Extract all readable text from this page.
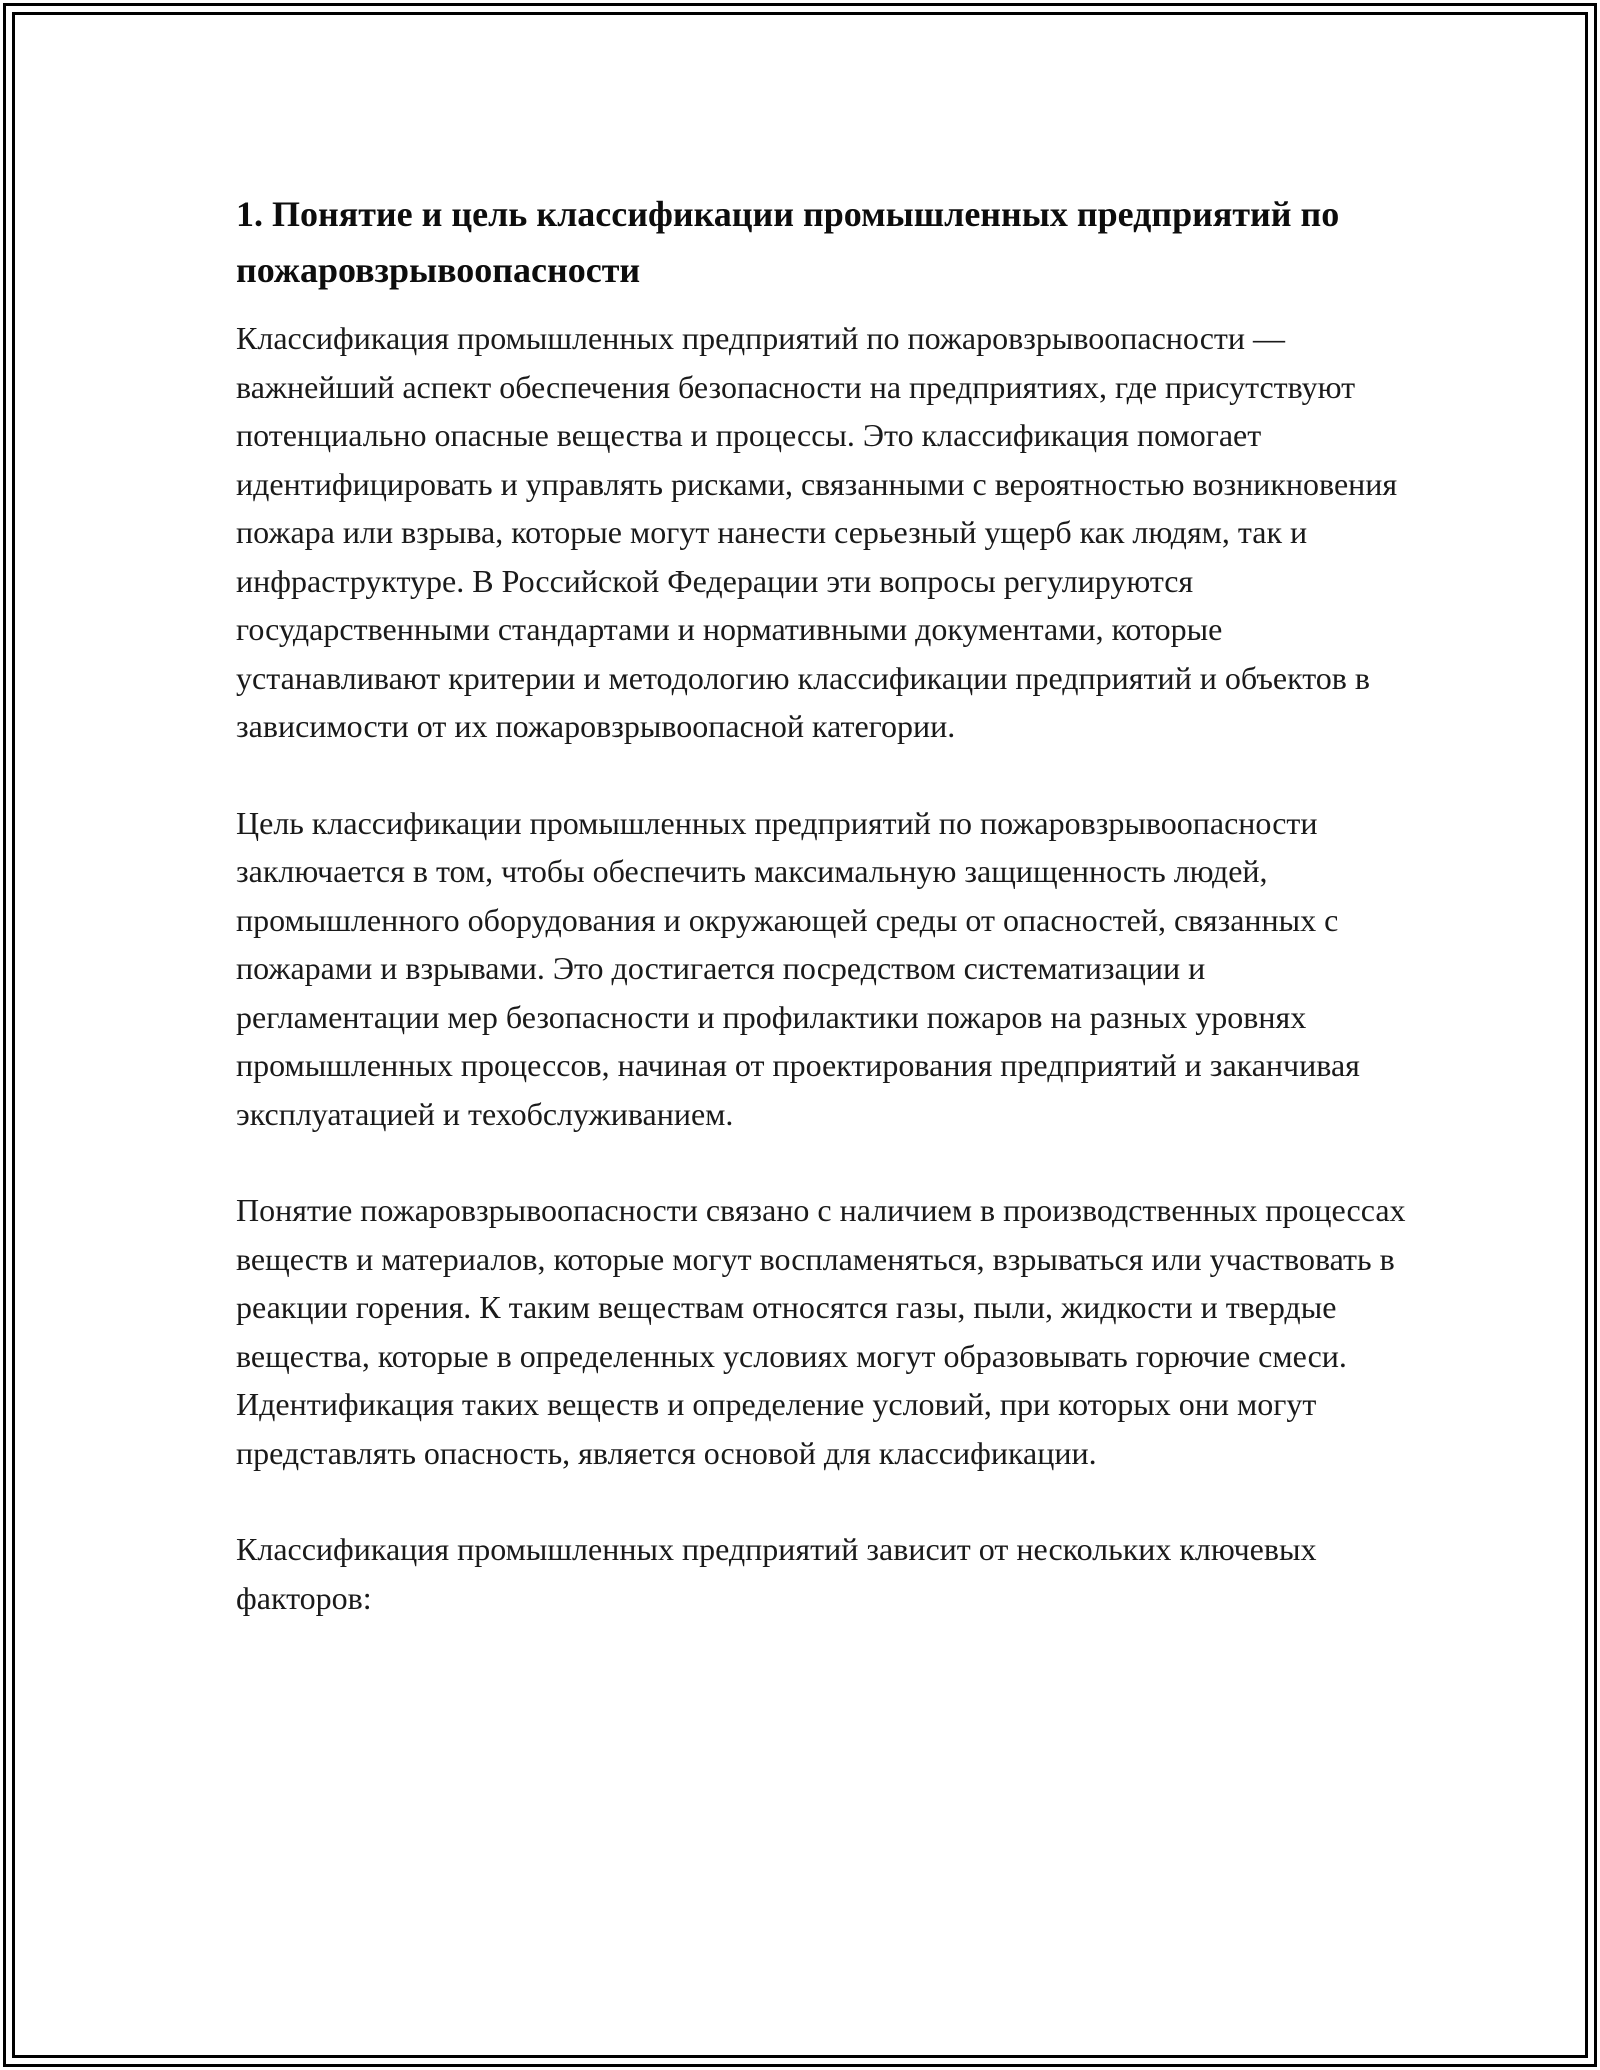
1. Понятие и цель классификации промышленных предприятий по пожаровзрывоопасности

Классификация промышленных предприятий по пожаровзрывоопасности — важнейший аспект обеспечения безопасности на предприятиях, где присутствуют потенциально опасные вещества и процессы. Это классификация помогает идентифицировать и управлять рисками, связанными с вероятностью возникновения пожара или взрыва, которые могут нанести серьезный ущерб как людям, так и инфраструктуре. В Российской Федерации эти вопросы регулируются государственными стандартами и нормативными документами, которые устанавливают критерии и методологию классификации предприятий и объектов в зависимости от их пожаровзрывоопасной категории.

Цель классификации промышленных предприятий по пожаровзрывоопасности заключается в том, чтобы обеспечить максимальную защищенность людей, промышленного оборудования и окружающей среды от опасностей, связанных с пожарами и взрывами. Это достигается посредством систематизации и регламентации мер безопасности и профилактики пожаров на разных уровнях промышленных процессов, начиная от проектирования предприятий и заканчивая эксплуатацией и техобслуживанием.

Понятие пожаровзрывоопасности связано с наличием в производственных процессах веществ и материалов, которые могут воспламеняться, взрываться или участвовать в реакции горения. К таким веществам относятся газы, пыли, жидкости и твердые вещества, которые в определенных условиях могут образовывать горючие смеси. Идентификация таких веществ и определение условий, при которых они могут представлять опасность, является основой для классификации.

Классификация промышленных предприятий зависит от нескольких ключевых факторов:
